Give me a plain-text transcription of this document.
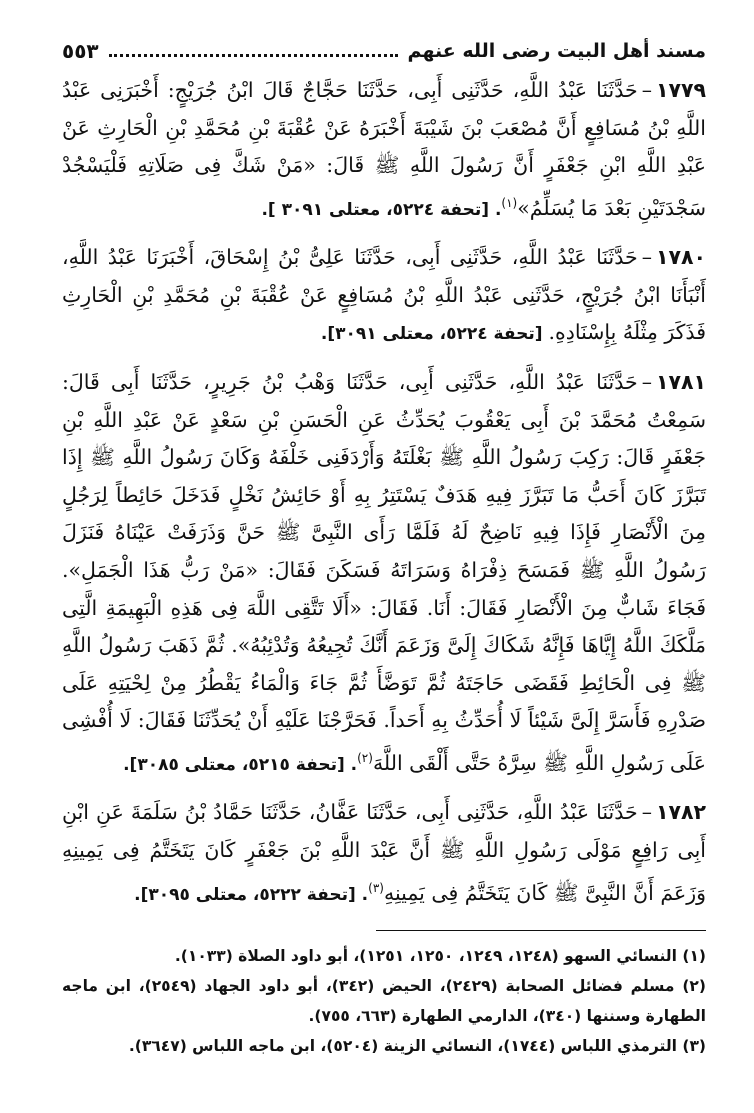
مسند أهل البيت رضى الله عنهم
٥٥٣

١٧٧٩–حَدَّثَنَا عَبْدُ اللَّهِ، حَدَّثَنِى أَبِى، حَدَّثَنَا حَجَّاجٌ قَالَ ابْنُ جُرَيْجٍ: أَخْبَرَنِى عَبْدُ اللَّهِ بْنُ مُسَافِعٍ أَنَّ مُصْعَبَ بْنَ شَيْبَةَ أَخْبَرَهُ عَنْ عُقْبَةَ بْنِ مُحَمَّدِ بْنِ الْحَارِثِ عَنْ عَبْدِ اللَّهِ ابْنِ جَعْفَرٍ أَنَّ رَسُولَ اللَّهِ ﷺ قَالَ: «مَنْ شَكَّ فِى صَلَاتِهِ فَلْيَسْجُدْ سَجْدَتَيْنِ بَعْدَ مَا يُسَلِّمُ»$^{(١)}$. [تحفة ٥٢٢٤، معتلى ٣٠٩١ ].

١٧٨٠–حَدَّثَنَا عَبْدُ اللَّهِ، حَدَّثَنِى أَبِى، حَدَّثَنَا عَلِىُّ بْنُ إِسْحَاقَ، أَخْبَرَنَا عَبْدُ اللَّهِ، أَنْبَأَنَا ابْنُ جُرَيْجٍ، حَدَّثَنِى عَبْدُ اللَّهِ بْنُ مُسَافِعٍ عَنْ عُقْبَةَ بْنِ مُحَمَّدِ بْنِ الْحَارِثِ فَذَكَرَ مِثْلَهُ بِإِسْنَادِهِ. [تحفة ٥٢٢٤، معتلى ٣٠٩١].

١٧٨١–حَدَّثَنَا عَبْدُ اللَّهِ، حَدَّثَنِى أَبِى، حَدَّثَنَا وَهْبُ بْنُ جَرِيرٍ، حَدَّثَنَا أَبِى قَالَ: سَمِعْتُ مُحَمَّدَ بْنَ أَبِى يَعْقُوبَ يُحَدِّثُ عَنِ الْحَسَنِ بْنِ سَعْدٍ عَنْ عَبْدِ اللَّهِ بْنِ جَعْفَرٍ قَالَ: رَكِبَ رَسُولُ اللَّهِ ﷺ بَغْلَتَهُ وَأَرْدَفَنِى خَلْفَهُ وَكَانَ رَسُولُ اللَّهِ ﷺ إِذَا تَبَرَّزَ كَانَ أَحَبُّ مَا تَبَرَّزَ فِيهِ هَدَفٌ يَسْتَتِرُ بِهِ أَوْ حَائِشُ نَخْلٍ فَدَخَلَ حَائِطاً لِرَجُلٍ مِنَ الْأَنْصَارِ فَإِذَا فِيهِ نَاضِحٌ لَهُ فَلَمَّا رَأَى النَّبِىَّ ﷺ حَنَّ وَذَرَفَتْ عَيْنَاهُ فَنَزَلَ رَسُولُ اللَّهِ ﷺ فَمَسَحَ ذِفْرَاهُ وَسَرَاتَهُ فَسَكَنَ فَقَالَ: «مَنْ رَبُّ هَذَا الْجَمَلِ». فَجَاءَ شَابٌّ مِنَ الْأَنْصَارِ فَقَالَ: أَنَا. فَقَالَ: «أَلَا تَتَّقِى اللَّهَ فِى هَذِهِ الْبَهِيمَةِ الَّتِى مَلَّكَكَ اللَّهُ إِيَّاهَا فَإِنَّهُ شَكَاكَ إِلَىَّ وَزَعَمَ أَنَّكَ تُجِيعُهُ وَتُدْئِبُهُ». ثُمَّ ذَهَبَ رَسُولُ اللَّهِ ﷺ فِى الْحَائِطِ فَقَضَى حَاجَتَهُ ثُمَّ تَوَضَّأَ ثُمَّ جَاءَ وَالْمَاءُ يَقْطُرُ مِنْ لِحْيَتِهِ عَلَى صَدْرِهِ فَأَسَرَّ إِلَىَّ شَيْئاً لَا أُحَدِّثُ بِهِ أَحَداً. فَحَرَّجْنَا عَلَيْهِ أَنْ يُحَدِّثَنَا فَقَالَ: لَا أُفْشِى عَلَى رَسُولِ اللَّهِ ﷺ سِرَّهُ حَتَّى أَلْقَى اللَّهَ$^{(٢)}$. [تحفة ٥٢١٥، معتلى ٣٠٨٥].

١٧٨٢–حَدَّثَنَا عَبْدُ اللَّهِ، حَدَّثَنِى أَبِى، حَدَّثَنَا عَفَّانُ، حَدَّثَنَا حَمَّادُ بْنُ سَلَمَةَ عَنِ ابْنِ أَبِى رَافِعٍ مَوْلَى رَسُولِ اللَّهِ ﷺ أَنَّ عَبْدَ اللَّهِ بْنَ جَعْفَرٍ كَانَ يَتَخَتَّمُ فِى يَمِينِهِ وَزَعَمَ أَنَّ النَّبِىَّ ﷺ كَانَ يَتَخَتَّمُ فِى يَمِينِهِ$^{(٣)}$. [تحفة ٥٢٢٢، معتلى ٣٠٩٥].

(١) النسائي السهو (١٢٤٨، ١٢٤٩، ١٢٥٠، ١٢٥١)، أبو داود الصلاة (١٠٣٣).

(٢) مسلم فضائل الصحابة (٢٤٢٩)، الحيض (٣٤٢)، أبو داود الجهاد (٢٥٤٩)، ابن ماجه الطهارة وسننها (٣٤٠)، الدارمي الطهارة (٦٦٣، ٧٥٥).

(٣) الترمذي اللباس (١٧٤٤)، النسائي الزينة (٥٢٠٤)، ابن ماجه اللباس (٣٦٤٧).
